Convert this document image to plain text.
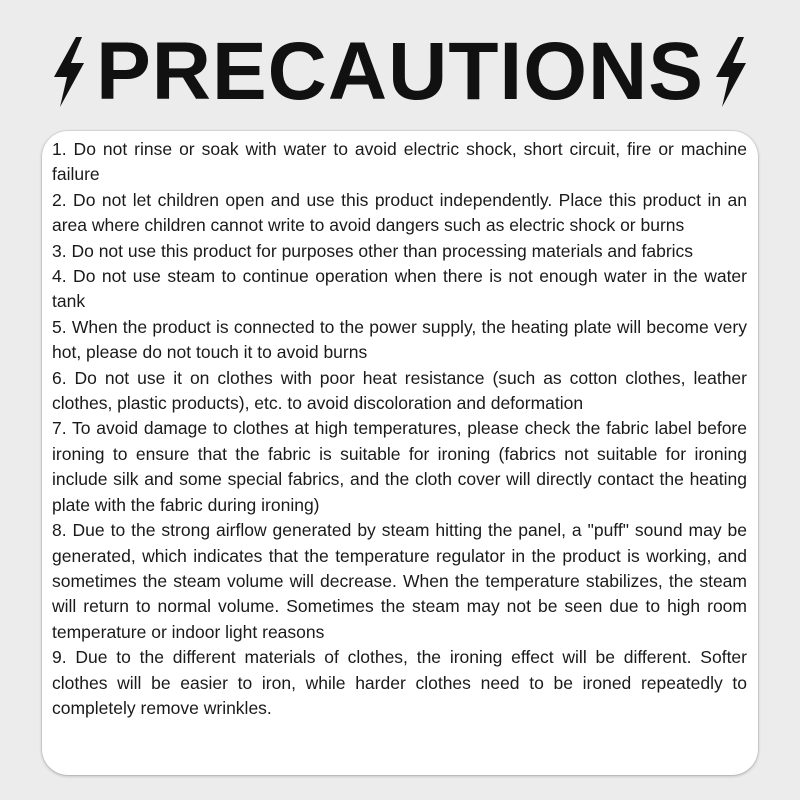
PRECAUTIONS

1. Do not rinse or soak with water to avoid electric shock, short circuit, fire or machine failure

2. Do not let children open and use this product independently. Place this product in an area where children cannot write to avoid dangers such as electric shock or burns

3. Do not use this product for purposes other than processing materials and fabrics

4. Do not use steam to continue operation when there is not enough water in the water tank

5. When the product is connected to the power supply, the heating plate will become very hot, please do not touch it to avoid burns

6. Do not use it on clothes with poor heat resistance (such as cotton clothes, leather clothes, plastic products), etc. to avoid discoloration and deformation

7. To avoid damage to clothes at high temperatures, please check the fabric label before ironing to ensure that the fabric is suitable for ironing (fabrics not suitable for ironing include silk and some special fabrics, and the cloth cover will directly contact the heating plate with the fabric during ironing)

8. Due to the strong airflow generated by steam hitting the panel, a "puff" sound may be generated, which indicates that the temperature regulator in the product is working, and sometimes the steam volume will decrease. When the temperature stabilizes, the steam will return to normal volume. Sometimes the steam may not be seen due to high room temperature or indoor light reasons

9. Due to the different materials of clothes, the ironing effect will be different. Softer clothes will be easier to iron, while harder clothes need to be ironed repeatedly to completely remove wrinkles.
